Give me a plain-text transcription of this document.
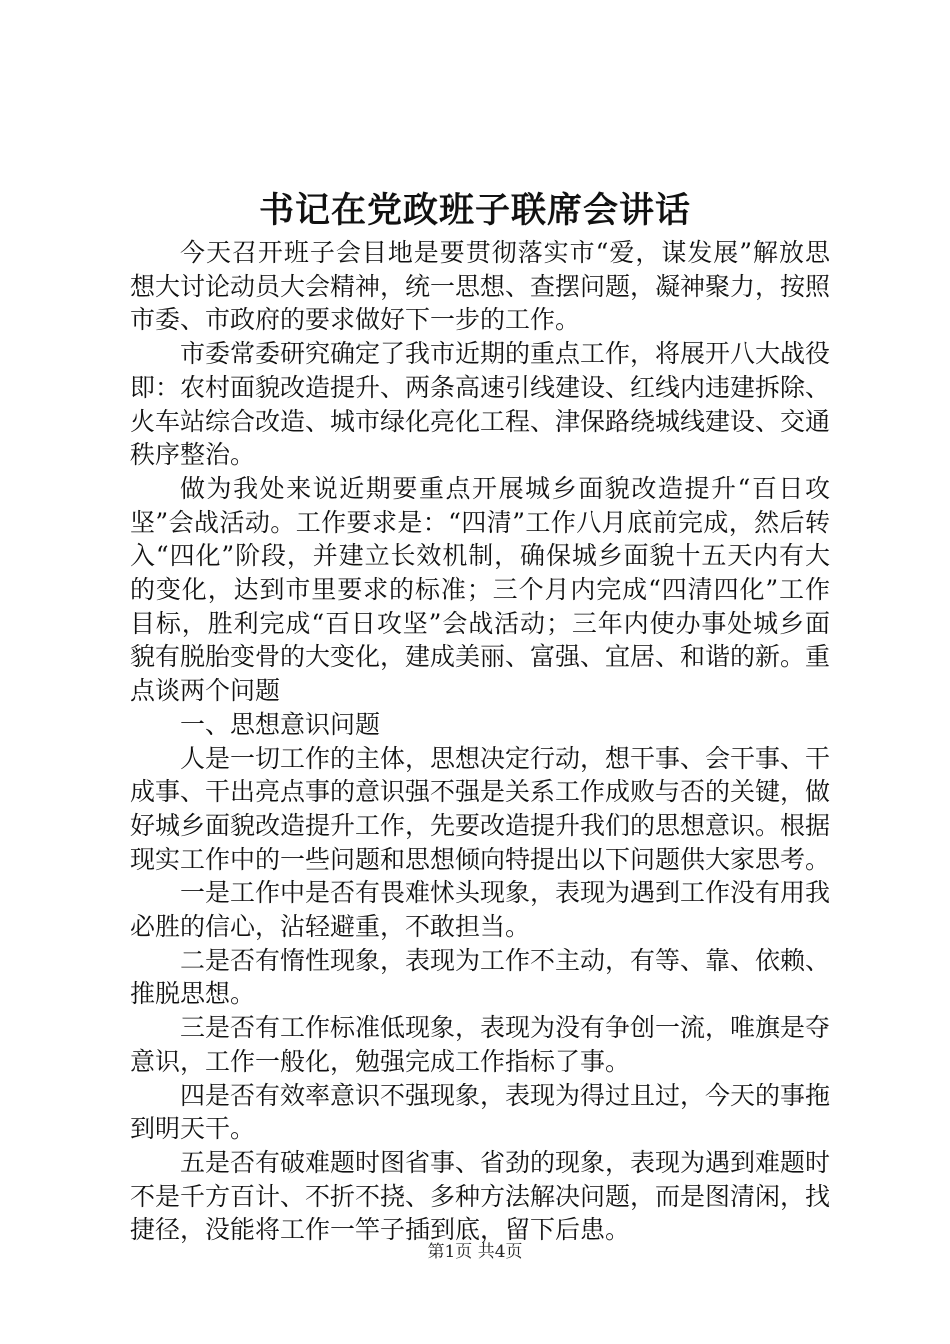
书记在党政班子联席会讲话

今天召开班子会目地是要贯彻落实市“爱，谋发展”解放思想大讨论动员大会精神，统一思想、查摆问题，凝神聚力，按照市委、市政府的要求做好下一步的工作。

市委常委研究确定了我市近期的重点工作，将展开八大战役即：农村面貌改造提升、两条高速引线建设、红线内违建拆除、火车站综合改造、城市绿化亮化工程、津保路绕城线建设、交通秩序整治。

做为我处来说近期要重点开展城乡面貌改造提升“百日攻坚”会战活动。工作要求是：“四清”工作八月底前完成，然后转入“四化”阶段，并建立长效机制，确保城乡面貌十五天内有大的变化，达到市里要求的标准；三个月内完成“四清四化”工作目标，胜利完成“百日攻坚”会战活动；三年内使办事处城乡面貌有脱胎变骨的大变化，建成美丽、富强、宜居、和谐的新。重点谈两个问题

一、思想意识问题

人是一切工作的主体，思想决定行动，想干事、会干事、干成事、干出亮点事的意识强不强是关系工作成败与否的关键，做好城乡面貌改造提升工作，先要改造提升我们的思想意识。根据现实工作中的一些问题和思想倾向特提出以下问题供大家思考。

一是工作中是否有畏难怵头现象，表现为遇到工作没有用我必胜的信心，沾轻避重，不敢担当。

二是否有惰性现象，表现为工作不主动，有等、靠、依赖、推脱思想。

三是否有工作标准低现象，表现为没有争创一流，唯旗是夺意识，工作一般化，勉强完成工作指标了事。

四是否有效率意识不强现象，表现为得过且过，今天的事拖到明天干。

五是否有破难题时图省事、省劲的现象，表现为遇到难题时不是千方百计、不折不挠、多种方法解决问题，而是图清闲，找捷径，没能将工作一竿子插到底，留下后患。

第1页 共4页
